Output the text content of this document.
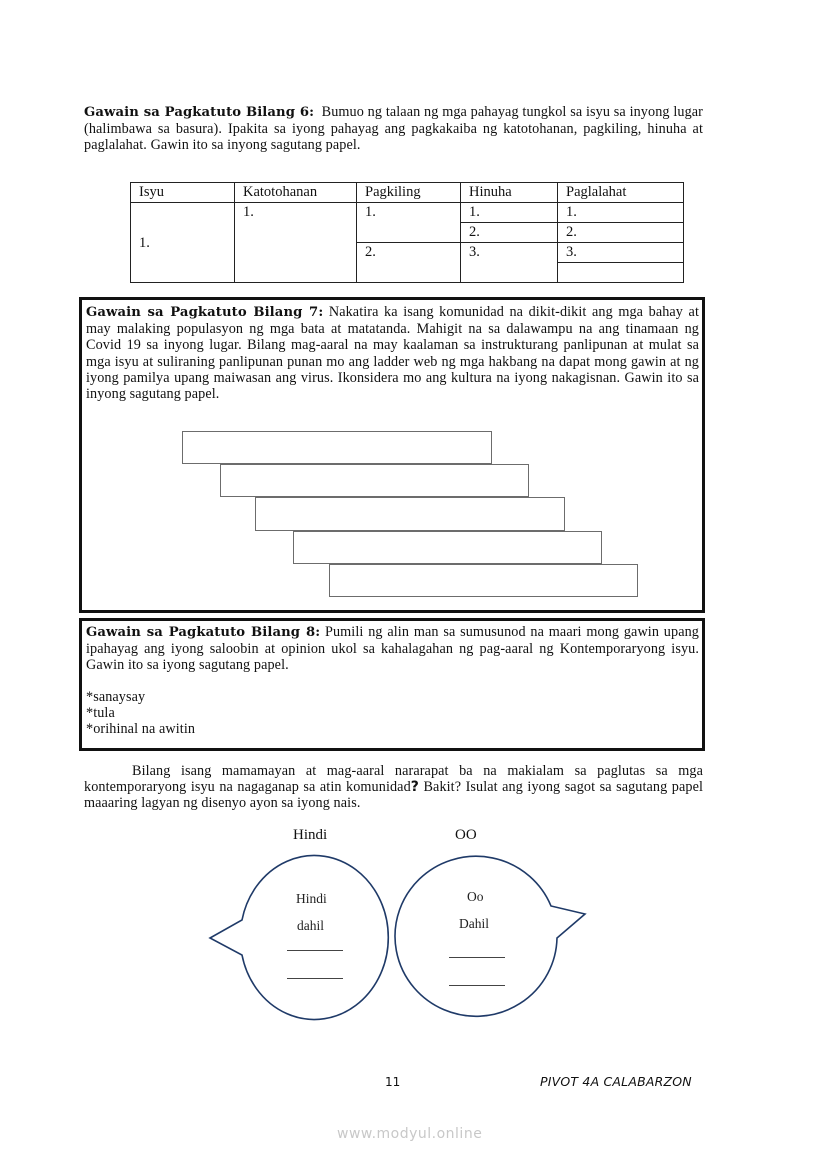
Gawain sa Pagkatuto Bilang 6: Bumuo ng talaan ng mga pahayag tungkol sa isyu sa inyong lugar (halimbawa sa basura). Ipakita sa iyong pahayag ang pagkakaiba ng katotohanan, pagkiling, hinuha at paglalahat. Gawin ito sa inyong sagutang papel.
Isyu	Katotohanan	Pagkiling	Hinuha	Paglalahat
1.	1.	1.	1.	1.
			2.	2.
		2.	3.	3.

Gawain sa Pagkatuto Bilang 7: Nakatira ka isang komunidad na dikit-dikit ang mga bahay at may malaking populasyon ng mga bata at matatanda. Mahigit na sa dalawampu na ang tinamaan ng Covid 19 sa inyong lugar. Bilang mag-aaral na may kaalaman sa instrukturang panlipunan at mulat sa mga isyu at suliraning panlipunan punan mo ang ladder web ng mga hakbang na dapat mong gawin at ng iyong pamilya upang maiwasan ang virus. Ikonsidera mo ang kultura na iyong nakagisnan. Gawin ito sa inyong sagutang papel.
Gawain sa Pagkatuto Bilang 8: Pumili ng alin man sa sumusunod na maari mong gawin upang ipahayag ang iyong saloobin at opinion ukol sa kahalagahan ng pag-aaral ng Kontemporaryong isyu. Gawin ito sa iyong sagutang papel.
*sanaysay
*tula
*orihinal na awitin
Bilang isang mamamayan at mag-aaral nararapat ba na makialam sa paglutas sa mga kontemporaryong isyu na nagaganap sa atin komunidad? Bakit? Isulat ang iyong sagot sa sagutang papel maaaring lagyan ng disenyo ayon sa iyong nais.
Hindi	OO
Hindi
dahil
Oo
Dahil
11	PIVOT 4A CALABARZON
www.modyul.online
